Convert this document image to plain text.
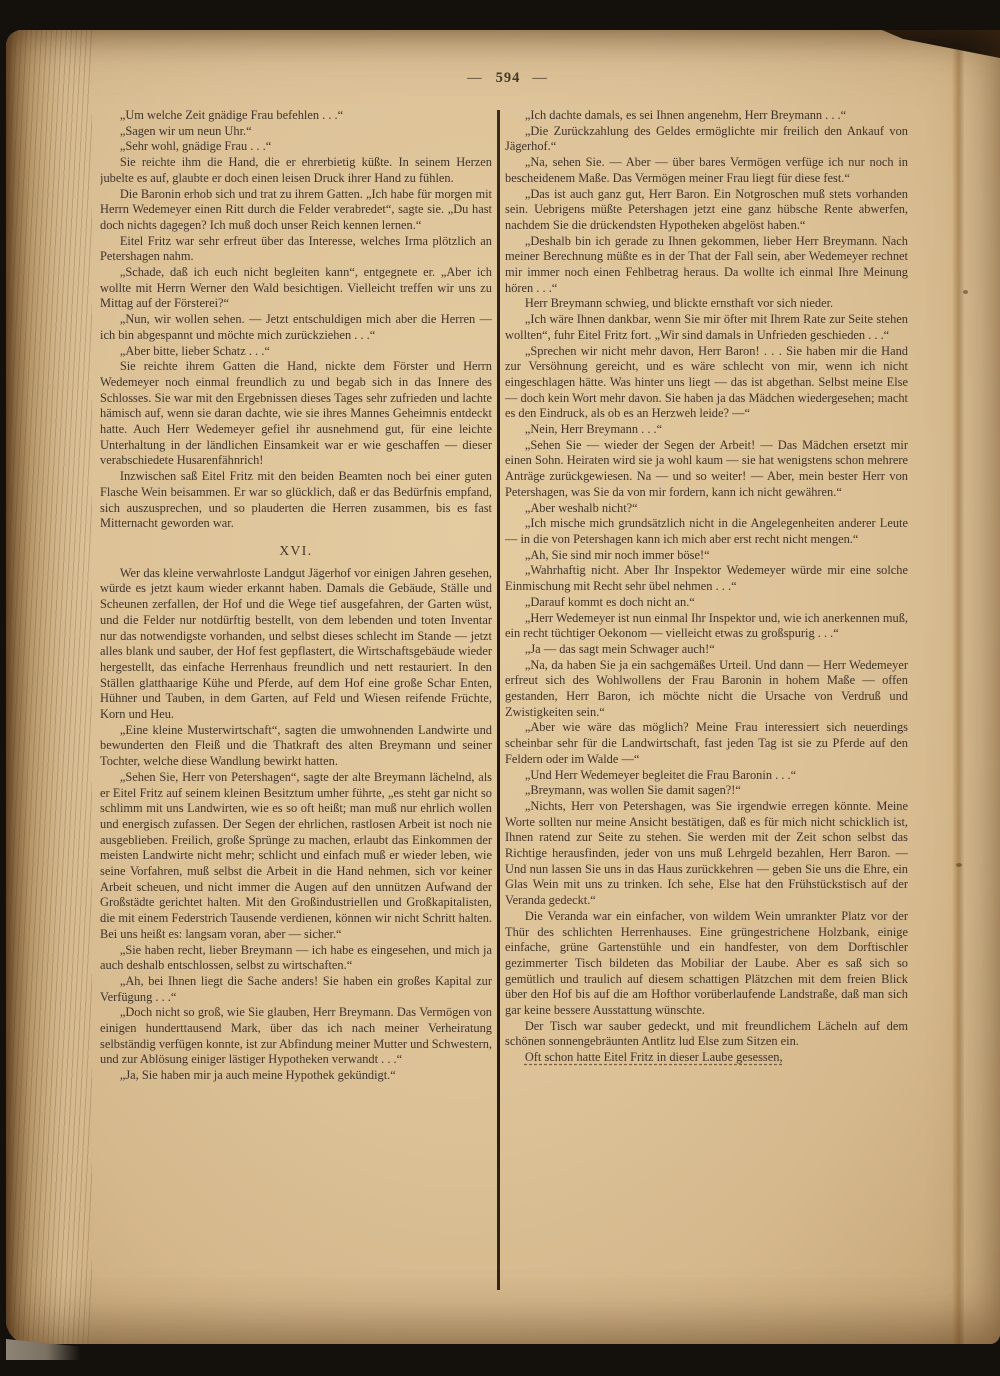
— 594 —

„Um welche Zeit gnädige Frau befehlen . . .“

„Sagen wir um neun Uhr.“

„Sehr wohl, gnädige Frau . . .“

Sie reichte ihm die Hand, die er ehrerbietig küßte. In seinem Herzen jubelte es auf, glaubte er doch einen leisen Druck ihrer Hand zu fühlen.

Die Baronin erhob sich und trat zu ihrem Gatten. „Ich habe für morgen mit Herrn Wedemeyer einen Ritt durch die Felder verabredet“, sagte sie. „Du hast doch nichts dagegen? Ich muß doch unser Reich kennen lernen.“

Eitel Fritz war sehr erfreut über das Interesse, welches Irma plötzlich an Petershagen nahm.

„Schade, daß ich euch nicht begleiten kann“, entgegnete er. „Aber ich wollte mit Herrn Werner den Wald besichtigen. Vielleicht treffen wir uns zu Mittag auf der Försterei?“

„Nun, wir wollen sehen. — Jetzt entschuldigen mich aber die Herren — ich bin abgespannt und möchte mich zurückziehen . . .“

„Aber bitte, lieber Schatz . . .“

Sie reichte ihrem Gatten die Hand, nickte dem Förster und Herrn Wedemeyer noch einmal freundlich zu und begab sich in das Innere des Schlosses. Sie war mit den Ergebnissen dieses Tages sehr zufrieden und lachte hämisch auf, wenn sie daran dachte, wie sie ihres Mannes Geheimnis entdeckt hatte. Auch Herr Wedemeyer gefiel ihr ausnehmend gut, für eine leichte Unterhaltung in der ländlichen Einsamkeit war er wie geschaffen — dieser verabschiedete Husarenfähnrich!

Inzwischen saß Eitel Fritz mit den beiden Beamten noch bei einer guten Flasche Wein beisammen. Er war so glücklich, daß er das Bedürfnis empfand, sich auszusprechen, und so plauderten die Herren zusammen, bis es fast Mitternacht geworden war.

XVI.

Wer das kleine verwahrloste Landgut Jägerhof vor einigen Jahren gesehen, würde es jetzt kaum wieder erkannt haben. Damals die Gebäude, Ställe und Scheunen zerfallen, der Hof und die Wege tief ausgefahren, der Garten wüst, und die Felder nur notdürftig bestellt, von dem lebenden und toten Inventar nur das notwendigste vorhanden, und selbst dieses schlecht im Stande — jetzt alles blank und sauber, der Hof fest gepflastert, die Wirtschaftsgebäude wieder hergestellt, das einfache Herrenhaus freundlich und nett restauriert. In den Ställen glatthaarige Kühe und Pferde, auf dem Hof eine große Schar Enten, Hühner und Tauben, in dem Garten, auf Feld und Wiesen reifende Früchte, Korn und Heu.

„Eine kleine Musterwirtschaft“, sagten die umwohnenden Landwirte und bewunderten den Fleiß und die Thatkraft des alten Breymann und seiner Tochter, welche diese Wandlung bewirkt hatten.

„Sehen Sie, Herr von Petershagen“, sagte der alte Breymann lächelnd, als er Eitel Fritz auf seinem kleinen Besitztum umher führte, „es steht gar nicht so schlimm mit uns Landwirten, wie es so oft heißt; man muß nur ehrlich wollen und energisch zufassen. Der Segen der ehrlichen, rastlosen Arbeit ist noch nie ausgeblieben. Freilich, große Sprünge zu machen, erlaubt das Einkommen der meisten Landwirte nicht mehr; schlicht und einfach muß er wieder leben, wie seine Vorfahren, muß selbst die Arbeit in die Hand nehmen, sich vor keiner Arbeit scheuen, und nicht immer die Augen auf den unnützen Aufwand der Großstädte gerichtet halten. Mit den Großindustriellen und Großkapitalisten, die mit einem Federstrich Tausende verdienen, können wir nicht Schritt halten. Bei uns heißt es: langsam voran, aber — sicher.“

„Sie haben recht, lieber Breymann — ich habe es eingesehen, und mich ja auch deshalb entschlossen, selbst zu wirtschaften.“

„Ah, bei Ihnen liegt die Sache anders! Sie haben ein großes Kapital zur Verfügung . . .“

„Doch nicht so groß, wie Sie glauben, Herr Breymann. Das Vermögen von einigen hunderttausend Mark, über das ich nach meiner Verheiratung selbständig verfügen konnte, ist zur Abfindung meiner Mutter und Schwestern, und zur Ablösung einiger lästiger Hypotheken verwandt . . .“

„Ja, Sie haben mir ja auch meine Hypothek gekündigt.“

„Ich dachte damals, es sei Ihnen angenehm, Herr Breymann . . .“

„Die Zurückzahlung des Geldes ermöglichte mir freilich den Ankauf von Jägerhof.“

„Na, sehen Sie. — Aber — über bares Vermögen verfüge ich nur noch in bescheidenem Maße. Das Vermögen meiner Frau liegt für diese fest.“

„Das ist auch ganz gut, Herr Baron. Ein Notgroschen muß stets vorhanden sein. Uebrigens müßte Petershagen jetzt eine ganz hübsche Rente abwerfen, nachdem Sie die drückendsten Hypotheken abgelöst haben.“

„Deshalb bin ich gerade zu Ihnen gekommen, lieber Herr Breymann. Nach meiner Berechnung müßte es in der That der Fall sein, aber Wedemeyer rechnet mir immer noch einen Fehlbetrag heraus. Da wollte ich einmal Ihre Meinung hören . . .“

Herr Breymann schwieg, und blickte ernsthaft vor sich nieder.

„Ich wäre Ihnen dankbar, wenn Sie mir öfter mit Ihrem Rate zur Seite stehen wollten“, fuhr Eitel Fritz fort. „Wir sind damals in Unfrieden geschieden . . .“

„Sprechen wir nicht mehr davon, Herr Baron! . . . Sie haben mir die Hand zur Versöhnung gereicht, und es wäre schlecht von mir, wenn ich nicht eingeschlagen hätte. Was hinter uns liegt — das ist abgethan. Selbst meine Else — doch kein Wort mehr davon. Sie haben ja das Mädchen wiedergesehen; macht es den Eindruck, als ob es an Herzweh leide? —“

„Nein, Herr Breymann . . .“

„Sehen Sie — wieder der Segen der Arbeit! — Das Mädchen ersetzt mir einen Sohn. Heiraten wird sie ja wohl kaum — sie hat wenigstens schon mehrere Anträge zurückgewiesen. Na — und so weiter! — Aber, mein bester Herr von Petershagen, was Sie da von mir fordern, kann ich nicht gewähren.“

„Aber weshalb nicht?“

„Ich mische mich grundsätzlich nicht in die Angelegenheiten anderer Leute — in die von Petershagen kann ich mich aber erst recht nicht mengen.“

„Ah, Sie sind mir noch immer böse!“

„Wahrhaftig nicht. Aber Ihr Inspektor Wedemeyer würde mir eine solche Einmischung mit Recht sehr übel nehmen . . .“

„Darauf kommt es doch nicht an.“

„Herr Wedemeyer ist nun einmal Ihr Inspektor und, wie ich anerkennen muß, ein recht tüchtiger Oekonom — vielleicht etwas zu großspurig . . .“

„Ja — das sagt mein Schwager auch!“

„Na, da haben Sie ja ein sachgemäßes Urteil. Und dann — Herr Wedemeyer erfreut sich des Wohlwollens der Frau Baronin in hohem Maße — offen gestanden, Herr Baron, ich möchte nicht die Ursache von Verdruß und Zwistigkeiten sein.“

„Aber wie wäre das möglich? Meine Frau interessiert sich neuerdings scheinbar sehr für die Landwirtschaft, fast jeden Tag ist sie zu Pferde auf den Feldern oder im Walde —“

„Und Herr Wedemeyer begleitet die Frau Baronin . . .“

„Breymann, was wollen Sie damit sagen?!“

„Nichts, Herr von Petershagen, was Sie irgendwie erregen könnte. Meine Worte sollten nur meine Ansicht bestätigen, daß es für mich nicht schicklich ist, Ihnen ratend zur Seite zu stehen. Sie werden mit der Zeit schon selbst das Richtige herausfinden, jeder von uns muß Lehrgeld bezahlen, Herr Baron. — Und nun lassen Sie uns in das Haus zurückkehren — geben Sie uns die Ehre, ein Glas Wein mit uns zu trinken. Ich sehe, Else hat den Frühstückstisch auf der Veranda gedeckt.“

Die Veranda war ein einfacher, von wildem Wein umrankter Platz vor der Thür des schlichten Herrenhauses. Eine grüngestrichene Holzbank, einige einfache, grüne Gartenstühle und ein handfester, von dem Dorftischler gezimmerter Tisch bildeten das Mobiliar der Laube. Aber es saß sich so gemütlich und traulich auf diesem schattigen Plätzchen mit dem freien Blick über den Hof bis auf die am Hofthor vorüberlaufende Landstraße, daß man sich gar keine bessere Ausstattung wünschte.

Der Tisch war sauber gedeckt, und mit freundlichem Lächeln auf dem schönen sonnengebräunten Antlitz lud Else zum Sitzen ein.

Oft schon hatte Eitel Fritz in dieser Laube gesessen,
